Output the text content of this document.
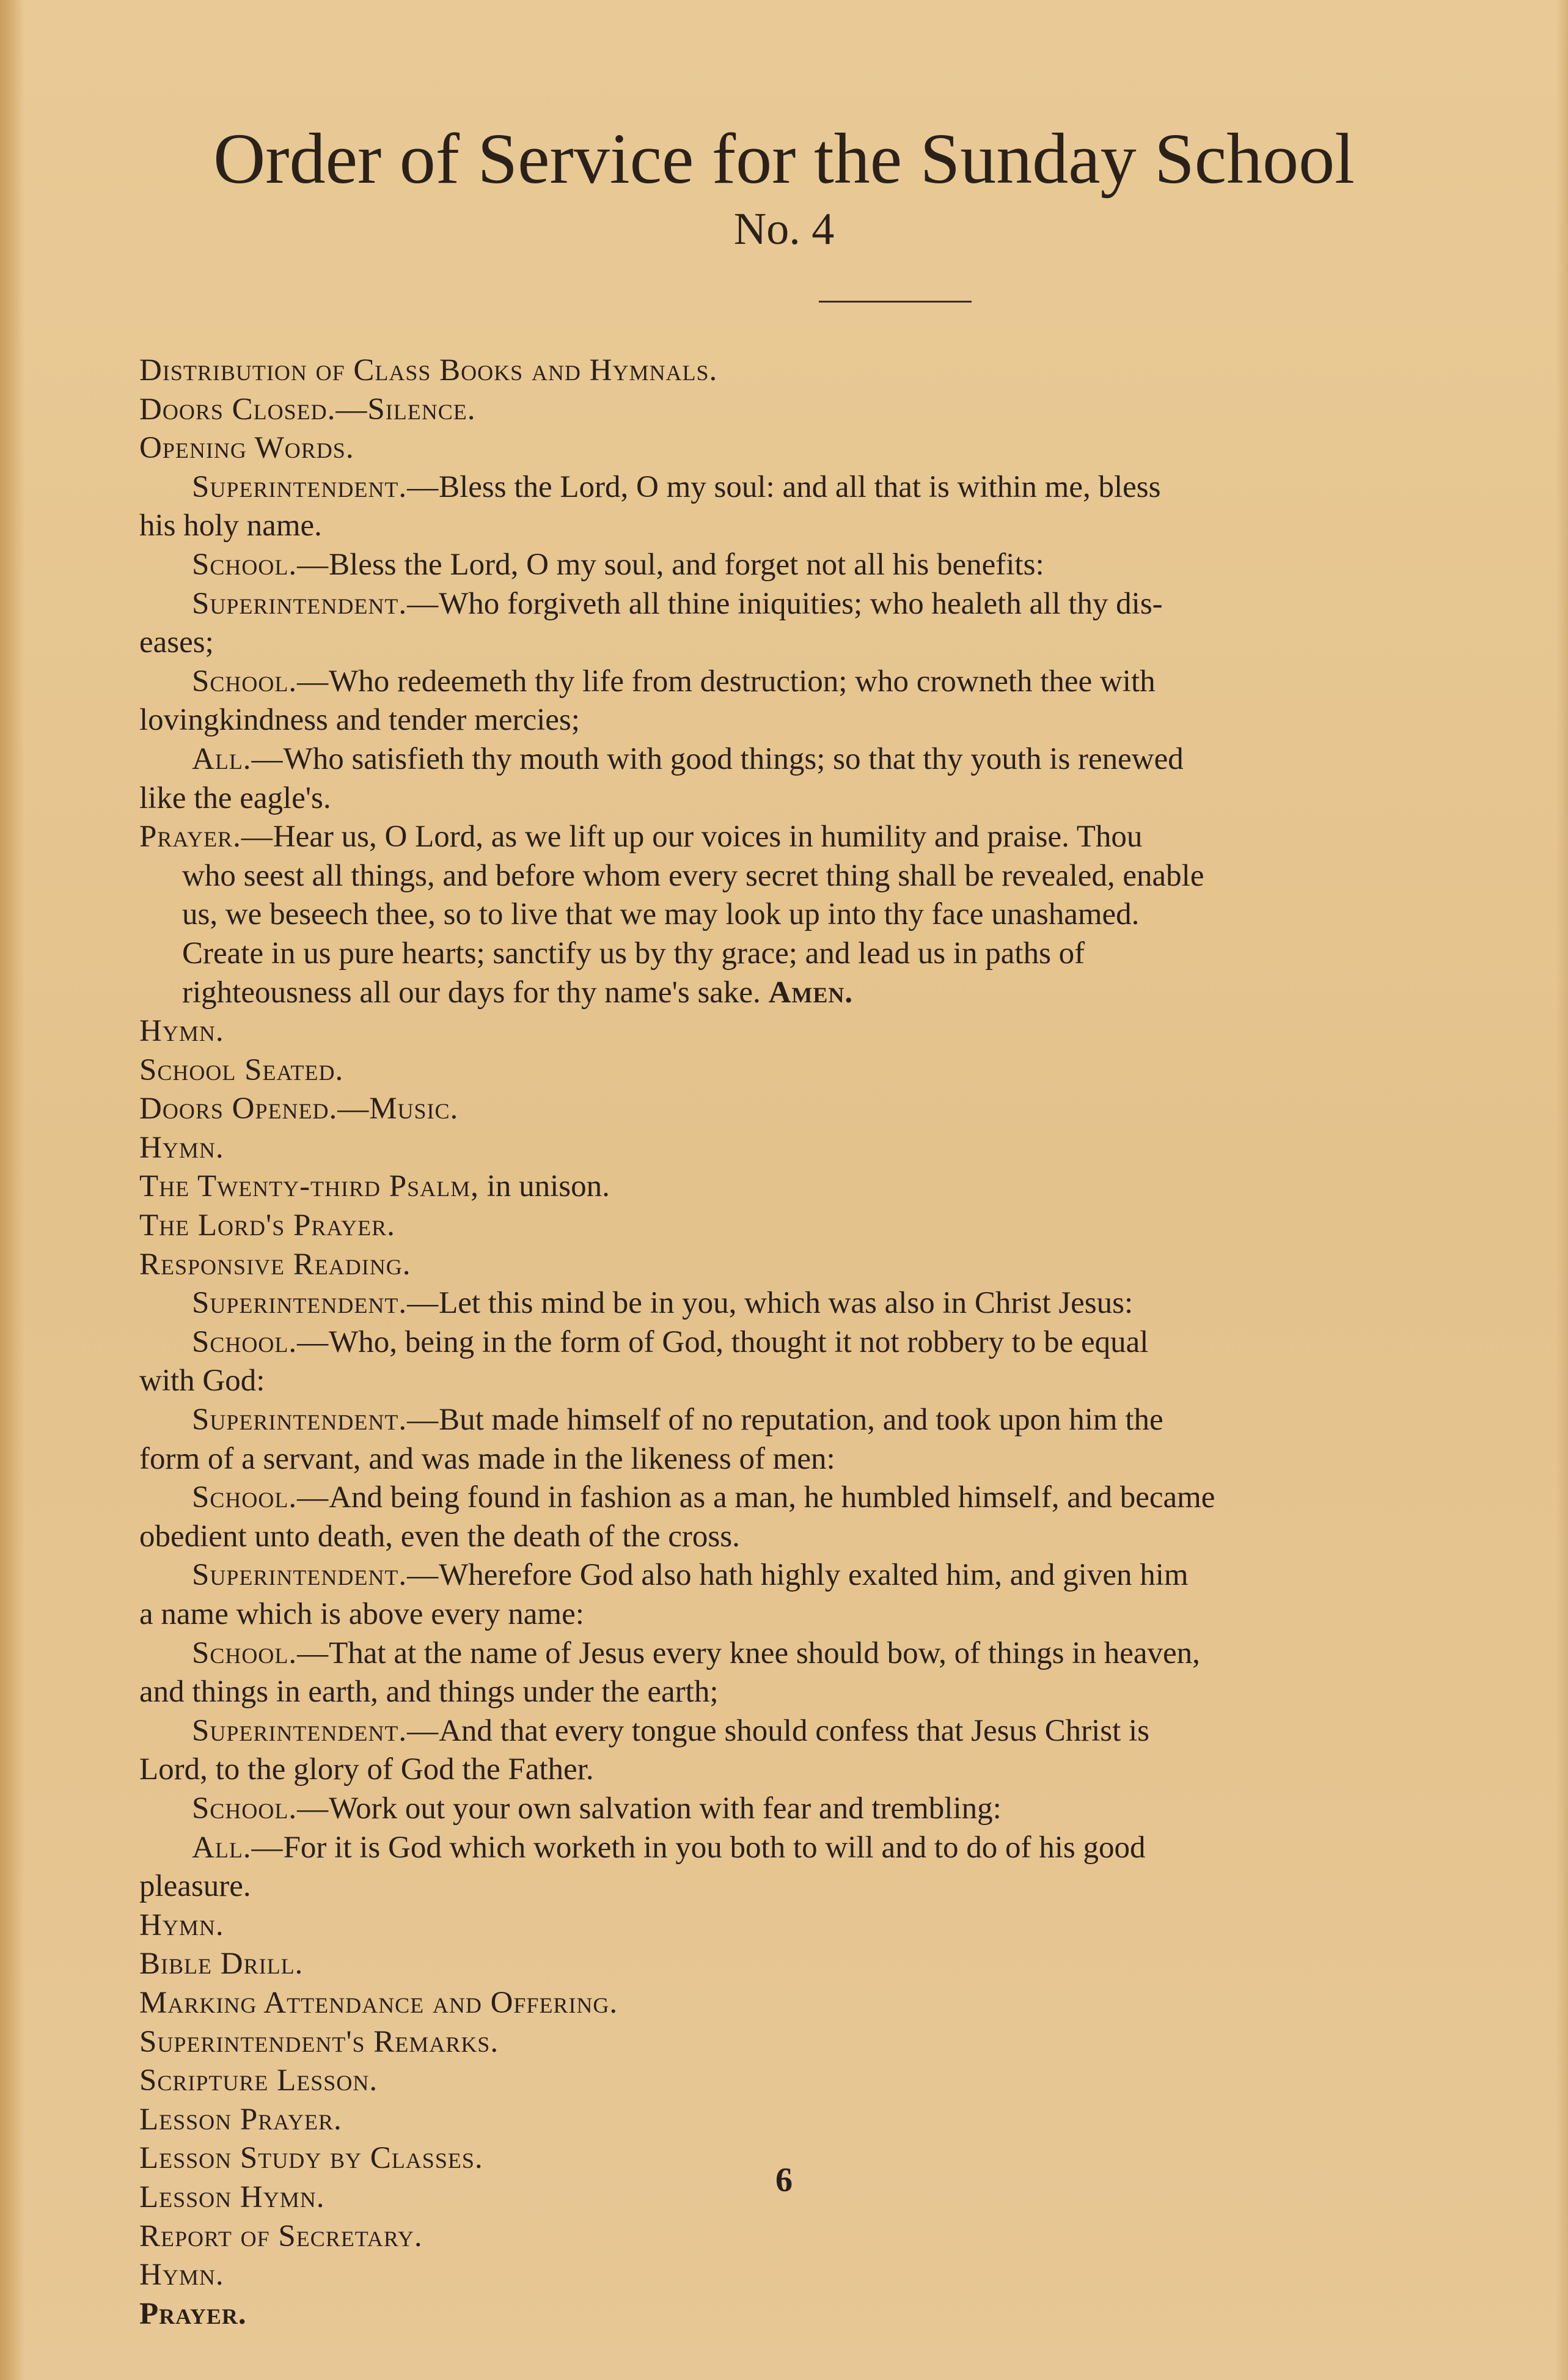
Order of Service for the Sunday School
No. 4
Distribution of Class Books and Hymnals.
Doors Closed.—Silence.
Opening Words.
Superintendent.—Bless the Lord, O my soul: and all that is within me, bless
his holy name.
School.—Bless the Lord, O my soul, and forget not all his benefits:
Superintendent.—Who forgiveth all thine iniquities; who healeth all thy dis-
eases;
School.—Who redeemeth thy life from destruction; who crowneth thee with
lovingkindness and tender mercies;
All.—Who satisfieth thy mouth with good things; so that thy youth is renewed
like the eagle's.
Prayer.—Hear us, O Lord, as we lift up our voices in humility and praise. Thou
who seest all things, and before whom every secret thing shall be revealed, enable
us, we beseech thee, so to live that we may look up into thy face unashamed.
Create in us pure hearts; sanctify us by thy grace; and lead us in paths of
righteousness all our days for thy name's sake. Amen.
Hymn.
School Seated.
Doors Opened.—Music.
Hymn.
The Twenty-third Psalm, in unison.
The Lord's Prayer.
Responsive Reading.
Superintendent.—Let this mind be in you, which was also in Christ Jesus:
School.—Who, being in the form of God, thought it not robbery to be equal
with God:
Superintendent.—But made himself of no reputation, and took upon him the
form of a servant, and was made in the likeness of men:
School.—And being found in fashion as a man, he humbled himself, and became
obedient unto death, even the death of the cross.
Superintendent.—Wherefore God also hath highly exalted him, and given him
a name which is above every name:
School.—That at the name of Jesus every knee should bow, of things in heaven,
and things in earth, and things under the earth;
Superintendent.—And that every tongue should confess that Jesus Christ is
Lord, to the glory of God the Father.
School.—Work out your own salvation with fear and trembling:
All.—For it is God which worketh in you both to will and to do of his good
pleasure.
Hymn.
Bible Drill.
Marking Attendance and Offering.
Superintendent's Remarks.
Scripture Lesson.
Lesson Prayer.
Lesson Study by Classes.
Lesson Hymn.
Report of Secretary.
Hymn.
Prayer.
6
